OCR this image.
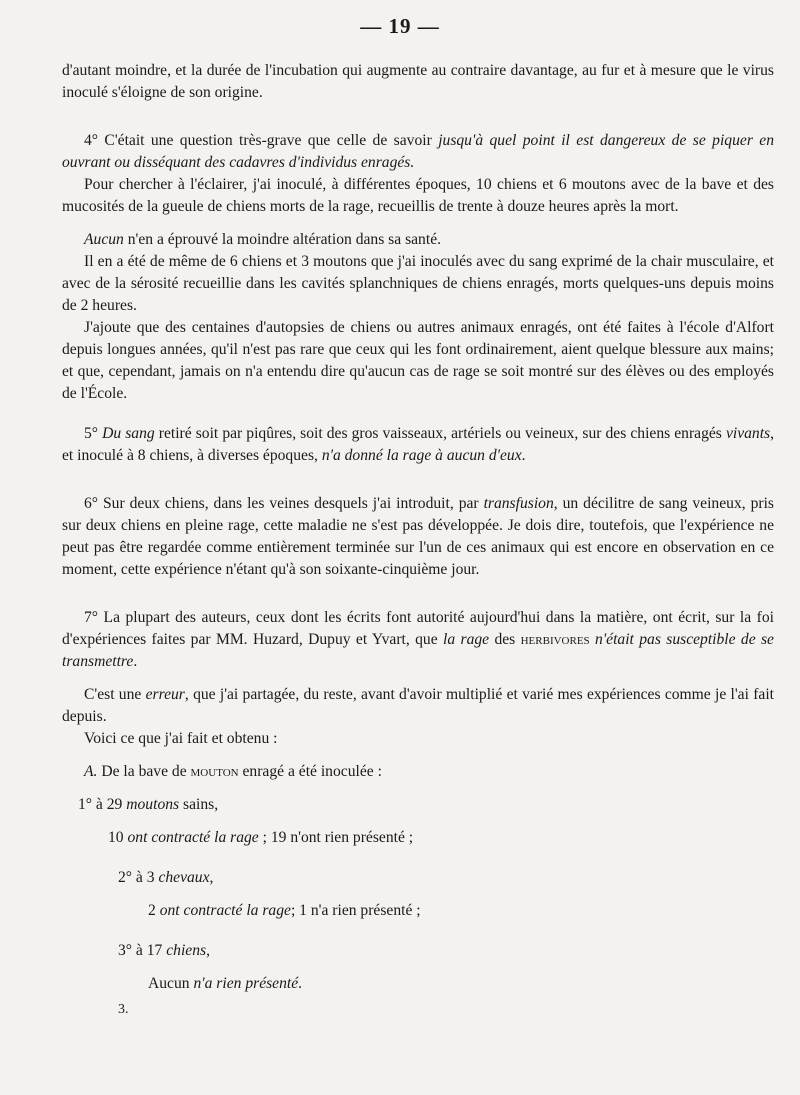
— 19 —

d'autant moindre, et la durée de l'incubation qui augmente au contraire davantage, au fur et à mesure que le virus inoculé s'éloigne de son origine.

4° C'était une question très-grave que celle de savoir jusqu'à quel point il est dangereux de se piquer en ouvrant ou disséquant des cadavres d'individus enragés.

Pour chercher à l'éclairer, j'ai inoculé, à différentes époques, 10 chiens et 6 moutons avec de la bave et des mucosités de la gueule de chiens morts de la rage, recueillis de trente à douze heures après la mort.

Aucun n'en a éprouvé la moindre altération dans sa santé.

Il en a été de même de 6 chiens et 3 moutons que j'ai inoculés avec du sang exprimé de la chair musculaire, et avec de la sérosité recueillie dans les cavités splanchniques de chiens enragés, morts quelques-uns depuis moins de 2 heures.

J'ajoute que des centaines d'autopsies de chiens ou autres animaux enragés, ont été faites à l'école d'Alfort depuis longues années, qu'il n'est pas rare que ceux qui les font ordinairement, aient quelque blessure aux mains; et que, cependant, jamais on n'a entendu dire qu'aucun cas de rage se soit montré sur des élèves ou des employés de l'École.

5° Du sang retiré soit par piqûres, soit des gros vaisseaux, artériels ou veineux, sur des chiens enragés vivants, et inoculé à 8 chiens, à diverses époques, n'a donné la rage à aucun d'eux.

6° Sur deux chiens, dans les veines desquels j'ai introduit, par transfusion, un décilitre de sang veineux, pris sur deux chiens en pleine rage, cette maladie ne s'est pas développée. Je dois dire, toutefois, que l'expérience ne peut pas être regardée comme entièrement terminée sur l'un de ces animaux qui est encore en observation en ce moment, cette expérience n'étant qu'à son soixante-cinquième jour.

7° La plupart des auteurs, ceux dont les écrits font autorité aujourd'hui dans la matière, ont écrit, sur la foi d'expériences faites par MM. Huzard, Dupuy et Yvart, que la rage des herbivores n'était pas susceptible de se transmettre.

C'est une erreur, que j'ai partagée, du reste, avant d'avoir multiplié et varié mes expériences comme je l'ai fait depuis.

Voici ce que j'ai fait et obtenu :

A. De la bave de mouton enragé a été inoculée :

1° à 29 moutons sains,

10 ont contracté la rage ; 19 n'ont rien présenté ;

2° à 3 chevaux,

2 ont contracté la rage; 1 n'a rien présenté ;

3° à 17 chiens,

Aucun n'a rien présenté.

3.
